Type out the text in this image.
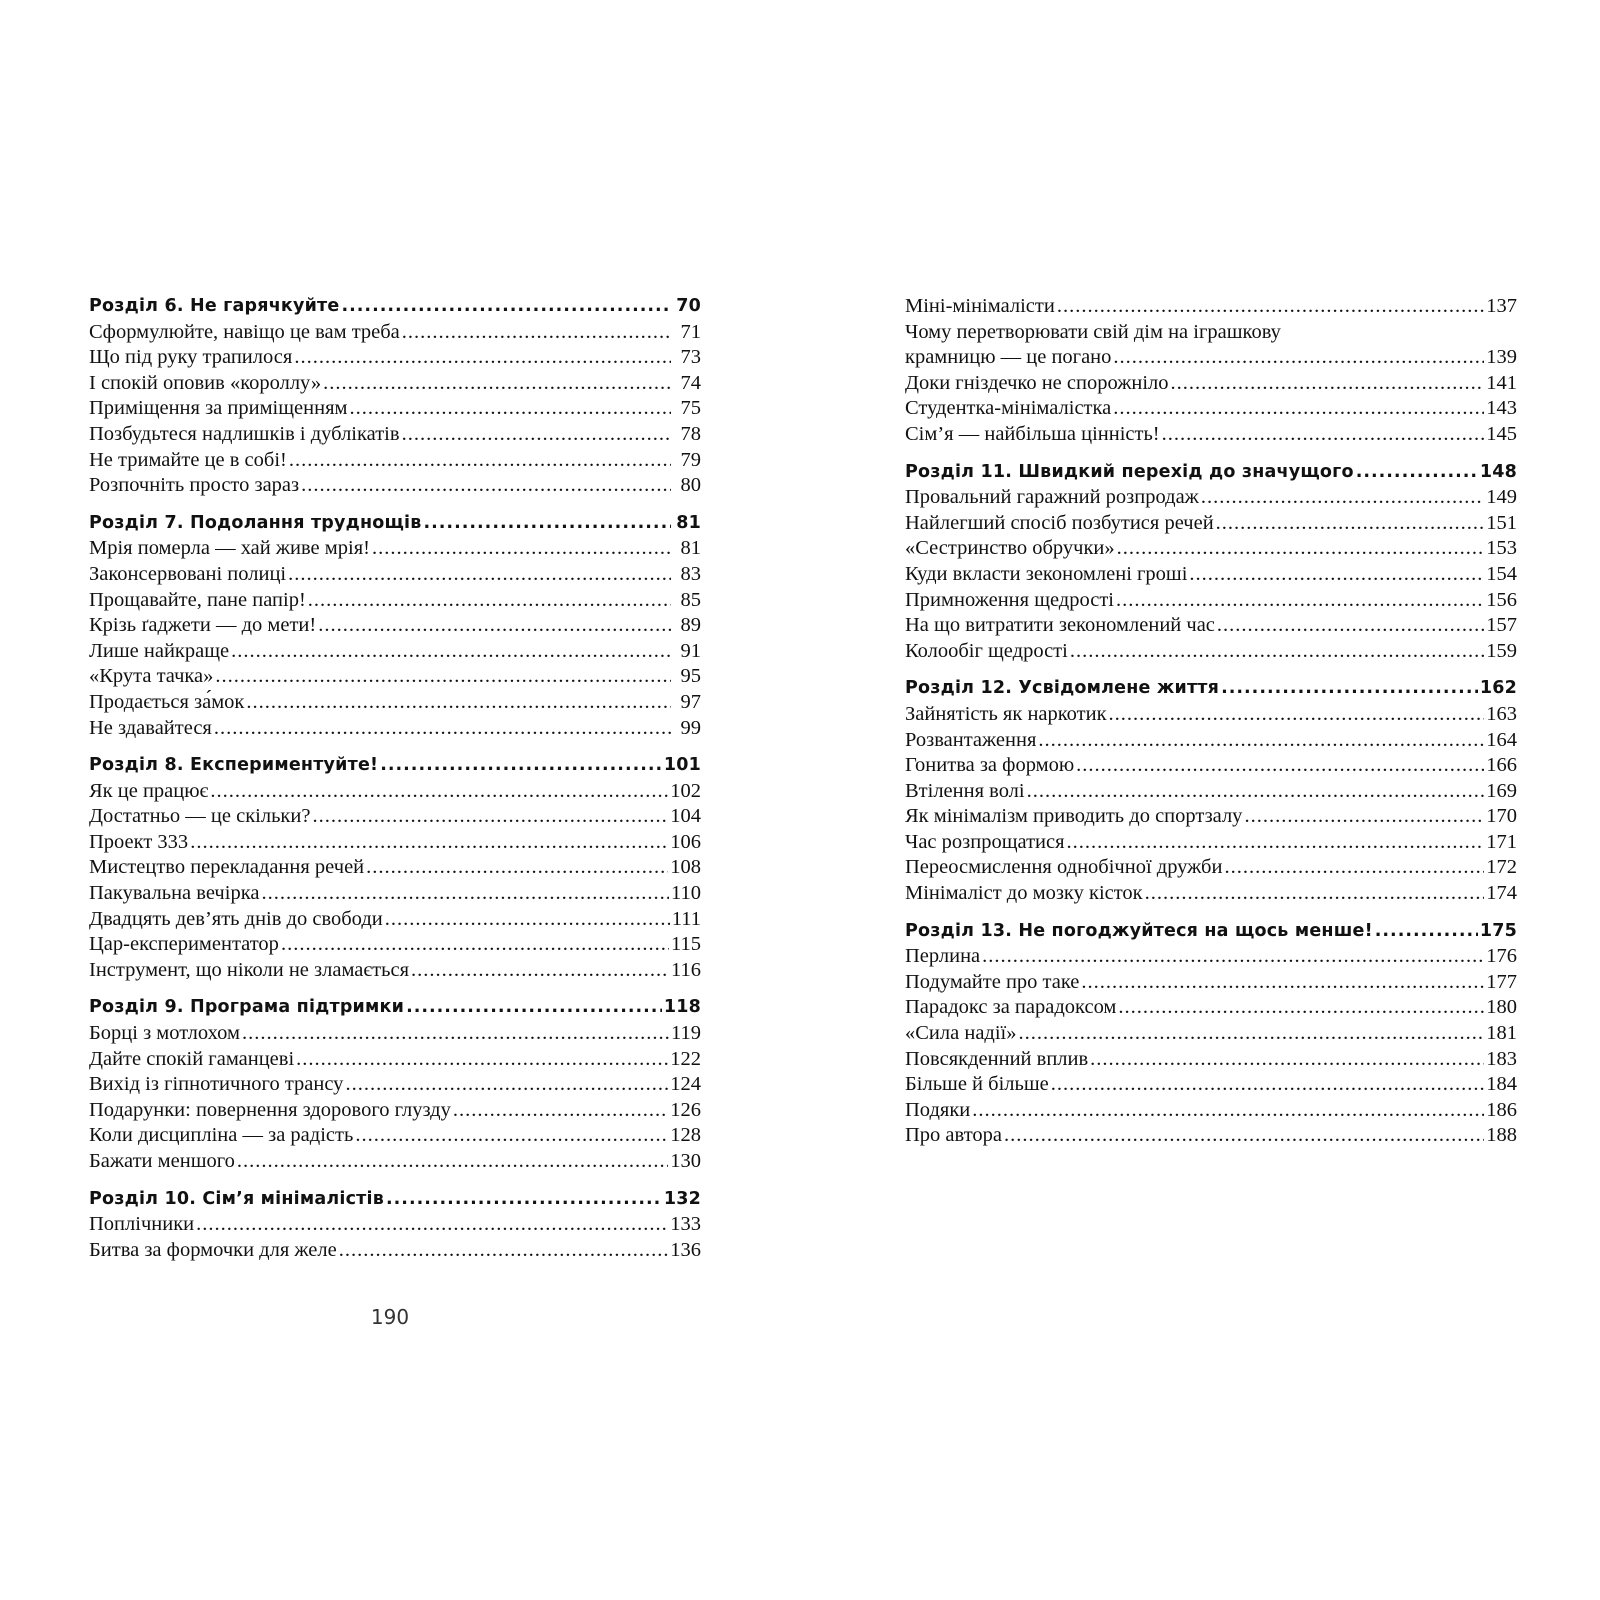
Розділ 6. Не гарячкуйте .....	70
Сформулюйте, навіщо це вам треба .....	71
Що під руку трапилося .....	73
І спокій оповив «короллу» .....	74
Приміщення за приміщенням .....	75
Позбудьтеся надлишків і дублікатів .....	78
Не тримайте це в собі! .....	79
Розпочніть просто зараз .....	80
Розділ 7. Подолання труднощів .....	81
Мрія померла — хай живе мрія! .....	81
Законсервовані полиці .....	83
Прощавайте, пане папір! .....	85
Крізь ґаджети — до мети! .....	89
Лише найкраще .....	91
«Крута тачка» .....	95
Продається за́мок .....	97
Не здавайтеся .....	99
Розділ 8. Експериментуйте! .....	101
Як це працює .....	102
Достатньо — це скільки? .....	104
Проект 333 .....	106
Мистецтво перекладання речей .....	108
Пакувальна вечірка .....	110
Двадцять дев’ять днів до свободи .....	111
Цар-експериментатор .....	115
Інструмент, що ніколи не зламається .....	116
Розділ 9. Програма підтримки .....	118
Борці з мотлохом .....	119
Дайте спокій гаманцеві .....	122
Вихід із гіпнотичного трансу .....	124
Подарунки: повернення здорового глузду .....	126
Коли дисципліна — за радість .....	128
Бажати меншого .....	130
Розділ 10. Сім’я мінімалістів .....	132
Поплічники .....	133
Битва за формочки для желе .....	136
Міні-мінімалісти .....	137
Чому перетворювати свій дім на іграшкову
крамницю — це погано .....	139
Доки гніздечко не спорожніло .....	141
Студентка-мінімалістка .....	143
Сім’я — найбільша цінність! .....	145
Розділ 11. Швидкий перехід до значущого .....	148
Провальний гаражний розпродаж .....	149
Найлегший спосіб позбутися речей .....	151
«Сестринство обручки» .....	153
Куди вкласти зекономлені гроші .....	154
Примноження щедрості .....	156
На що витратити зекономлений час .....	157
Колообіг щедрості .....	159
Розділ 12. Усвідомлене життя .....	162
Зайнятість як наркотик .....	163
Розвантаження .....	164
Гонитва за формою .....	166
Втілення волі .....	169
Як мінімалізм приводить до спортзалу .....	170
Час розпрощатися .....	171
Переосмислення однобічної дружби .....	172
Мінімаліст до мозку кісток .....	174
Розділ 13. Не погоджуйтеся на щось менше! .....	175
Перлина .....	176
Подумайте про таке .....	177
Парадокс за парадоксом .....	180
«Сила надії» .....	181
Повсякденний вплив .....	183
Більше й більше .....	184
Подяки .....	186
Про автора .....	188
190
